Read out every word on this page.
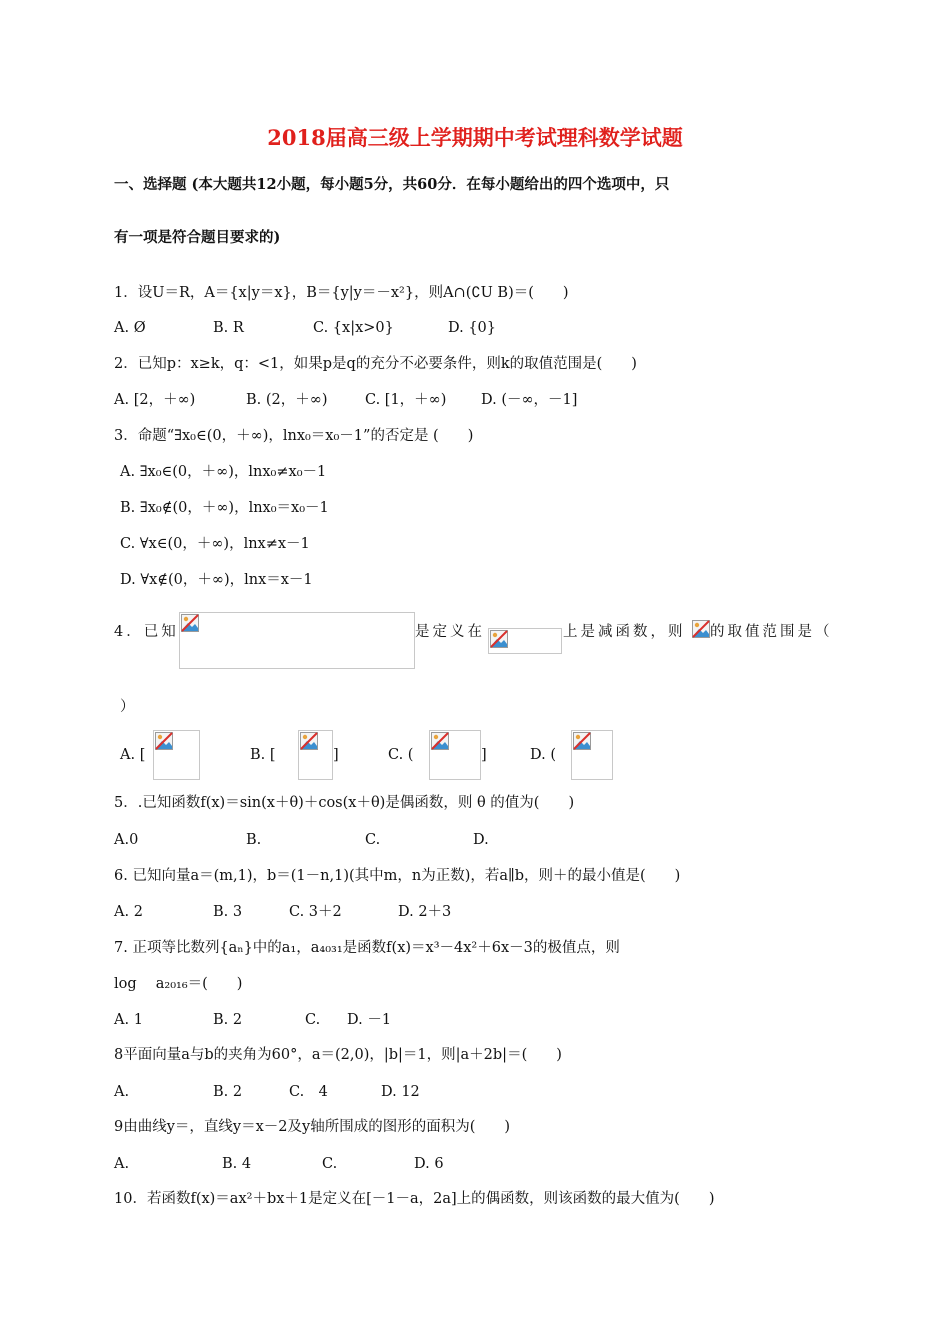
2018届高三级上学期期中考试理科数学试题
一、选择题 (本大题共12小题，每小题5分，共60分．在每小题给出的四个选项中，只
有一项是符合题目要求的)
1．设U＝R，A＝{x|y＝x}，B＝{y|y＝－x²}，则A∩(∁U B)＝(　　)
A. Ø	B. R	C. {x|x>0}	D. {0}
2．已知p：x≥k，q：<1，如果p是q的充分不必要条件，则k的取值范围是(　　)
A. [2，＋∞)	B. (2，＋∞)	C. [1，＋∞) D. (－∞，－1]
3．命题“∃x₀∈(0，＋∞)，lnx₀＝x₀－1”的否定是 (　　)
A. ∃x₀∈(0，＋∞)，lnx₀≠x₀－1
B. ∃x₀∉(0，＋∞)，lnx₀＝x₀－1
C. ∀x∈(0，＋∞)，lnx≠x－1
D. ∀x∉(0，＋∞)，lnx＝x－1
4．已知	是定义在	上是减函数，则 的取值范围是（
）
A. [	B. [	]	C. (	]	D. (
5．.已知函数f(x)＝sin(x＋θ)＋cos(x＋θ)是偶函数，则 θ 的值为(　　)
A.0	B.	C.	D.
6. 已知向量a＝(m,1)，b＝(1－n,1)(其中m，n为正数)，若a∥b，则＋的最小值是(　　)
A. 2	B. 3	C. 3＋2	D. 2＋3
7. 正项等比数列{aₙ}中的a₁，a₄₀₃₁是函数f(x)＝x³－4x²＋6x－3的极值点，则
log　 a₂₀₁₆＝(　　)
A. 1	B. 2	C. D. －1
8平面向量a与b的夹角为60°，a＝(2,0)，|b|＝1，则|a＋2b|＝(　　)
A.	B. 2	C.　4	D. 12
9由曲线y＝，直线y＝x－2及y轴所围成的图形的面积为(　　)
A.	B. 4	C.	D. 6
10．若函数f(x)＝ax²＋bx＋1是定义在[－1－a，2a]上的偶函数，则该函数的最大值为(　　)
